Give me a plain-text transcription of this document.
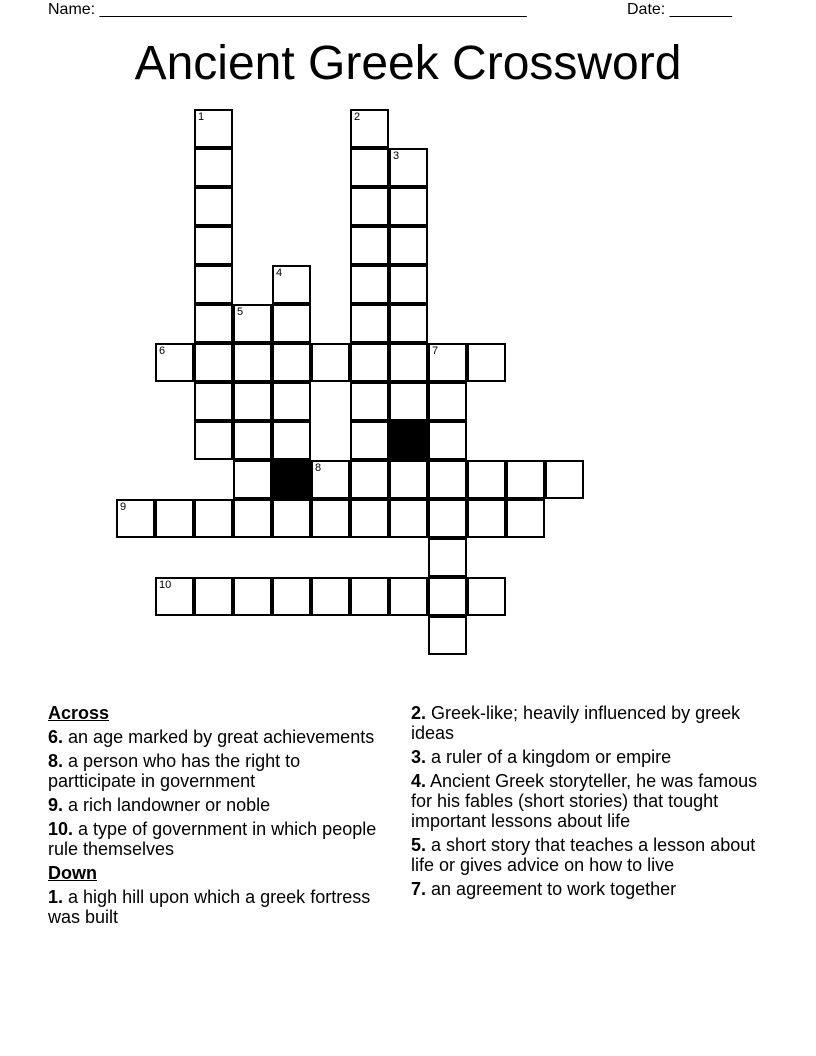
Name: ________________________________________________	Date: _______
Ancient Greek Crossword
1	2
3
4
5
7
6
8
9
10
Across
6. an age marked by great achievements
8. a person who has the right to partticipate in government
9. a rich landowner or noble
10. a type of government in which people rule themselves
Down
1. a high hill upon which a greek fortress was built
2. Greek-like; heavily influenced by greek ideas
3. a ruler of a kingdom or empire
4. Ancient Greek storyteller, he was famous for his fables (short stories) that tought important lessons about life
5. a short story that teaches a lesson about life or gives advice on how to live
7. an agreement to work together
